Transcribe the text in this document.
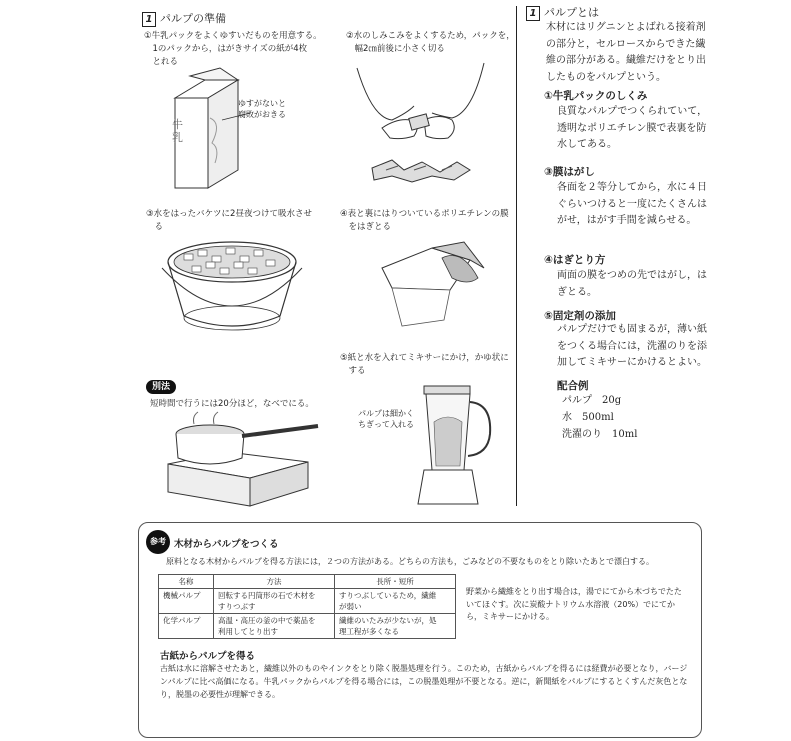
1 パルプの準備
①牛乳パックをよくゆすいだものを用意する。
　1のパックから，はがきサイズの紙が4枚
　とれる
②水のしみこみをよくするため，パックを，
　幅2㎝前後に小さく切る
③水をはったバケツに2昼夜つけて吸水させ
　る
④表と裏にはりついているポリエチレンの膜
　をはぎとる
⑤紙と水を入れてミキサーにかけ，かゆ状に
　する
牛
乳
ゆすがないと
腐敗がおきる
別法
短時間で行うには20分ほど，なべでにる。
パルプは細かく
ちぎって入れる
1 パルプとは
木材にはリグニンとよばれる接着剤の部分と，セルロースからできた繊維の部分がある。繊維だけをとり出したものをパルプという。
①牛乳パックのしくみ
良質なパルプでつくられていて，透明なポリエチレン膜で表裏を防水してある。
③膜はがし
各面を２等分してから，水に４日ぐらいつけると一度にたくさんはがせ，はがす手間を減らせる。
④はぎとり方
両面の膜をつめの先ではがし，はぎとる。
⑤固定剤の添加
パルプだけでも固まるが，薄い紙をつくる場合には，洗濯のりを添加してミキサーにかけるとよい。
配合例
パルプ　20g
水　500ml
洗濯のり　10ml
参考 木材からパルプをつくる
原料となる木材からパルプを得る方法には，２つの方法がある。どちらの方法も，ごみなどの不要なものをとり除いたあとで漂白する。
名称	方法	長所・短所
機械パルプ	回転する円筒形の石で木材を
すりつぶす	すりつぶしているため，繊維
が弱い
化学パルプ	高温・高圧の釜の中で薬品を
利用してとり出す	繊維のいたみが少ないが，処
理工程が多くなる
野菜から繊維をとり出す場合は，湯でにてから木づちでたたいてほぐす。次に炭酸ナトリウム水溶液（20%）でにてから，ミキサーにかける。
古紙からパルプを得る
古紙は水に溶解させたあと，繊維以外のものやインクをとり除く脱墨処理を行う。このため，古紙からパルプを得るには経費が必要となり，バージンパルプに比べ高価になる。牛乳パックからパルプを得る場合には，この脱墨処理が不要となる。逆に，新聞紙をパルプにするとくすんだ灰色となり，脱墨の必要性が理解できる。
